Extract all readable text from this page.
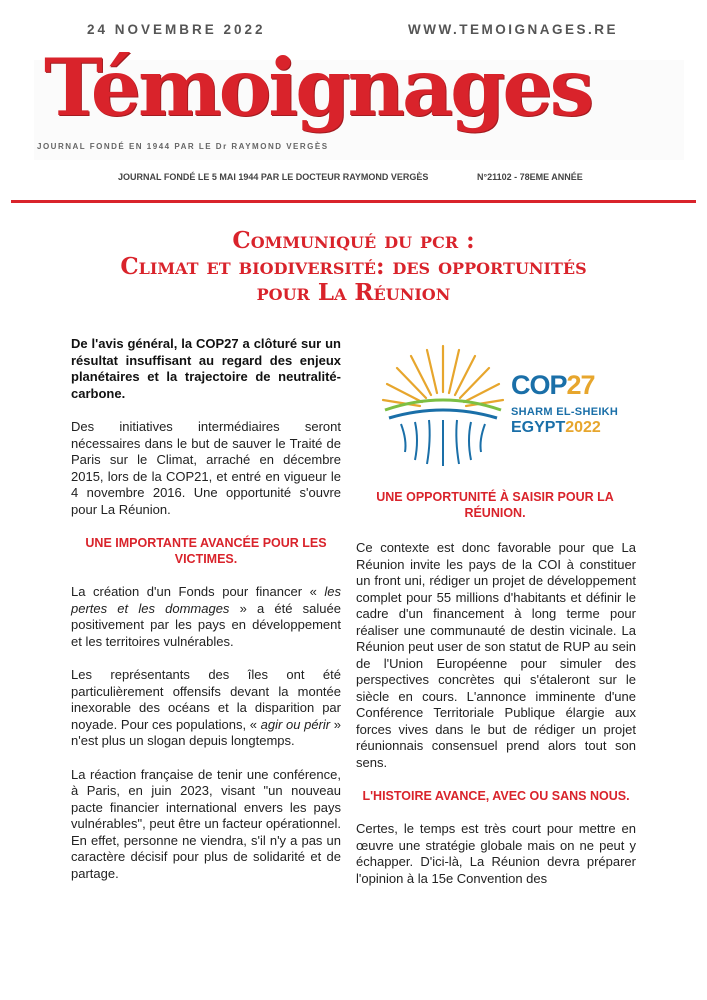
24 NOVEMBRE 2022	WWW.TEMOIGNAGES.RE
Témoignages
JOURNAL FONDÉ EN 1944 PAR LE Dr RAYMOND VERGÈS
JOURNAL FONDÉ LE 5 MAI 1944 PAR LE DOCTEUR RAYMOND VERGÈS	N°21102 - 78EME ANNÉE
Communiqué du pcr :
Climat et biodiversité: des opportunités
pour La Réunion

De l'avis général, la COP27 a clôturé sur un résultat insuffisant au regard des enjeux planétaires et la trajectoire de neutralité-carbone.

Des initiatives intermédiaires seront nécessaires dans le but de sauver le Traité de Paris sur le Climat, arraché en décembre 2015, lors de la COP21, et entré en vigueur le 4 novembre 2016. Une opportunité s'ouvre pour La Réunion.

UNE IMPORTANTE AVANCÉE POUR LES VICTIMES.

La création d'un Fonds pour financer « les pertes et les dommages » a été saluée positivement par les pays en développement et les territoires vulnérables.

Les représentants des îles ont été particulièrement offensifs devant la montée inexorable des océans et la disparition par noyade. Pour ces populations, « agir ou périr » n'est plus un slogan depuis longtemps.

La réaction française de tenir une conférence, à Paris, en juin 2023, visant "un nouveau pacte financier international envers les pays vulnérables", peut être un facteur opérationnel. En effet, personne ne viendra, s'il n'y a pas un caractère décisif pour plus de solidarité et de partage.

COP27
SHARM EL-SHEIKH
EGYPT2022
UNE OPPORTUNITÉ À SAISIR POUR LA RÉUNION.

Ce contexte est donc favorable pour que La Réunion invite les pays de la COI à constituer un front uni, rédiger un projet de développement complet pour 55 millions d'habitants et définir le cadre d'un financement à long terme pour réaliser une communauté de destin vicinale. La Réunion peut user de son statut de RUP au sein de l'Union Européenne pour simuler des perspectives concrètes qui s'étaleront sur le siècle en cours. L'annonce imminente d'une Conférence Territoriale Publique élargie aux forces vives dans le but de rédiger un projet réunionnais consensuel prend alors tout son sens.

L'HISTOIRE AVANCE, AVEC OU SANS NOUS.

Certes, le temps est très court pour mettre en œuvre une stratégie globale mais on ne peut y échapper. D'ici-là, La Réunion devra préparer l'opinion à la 15e Convention des
